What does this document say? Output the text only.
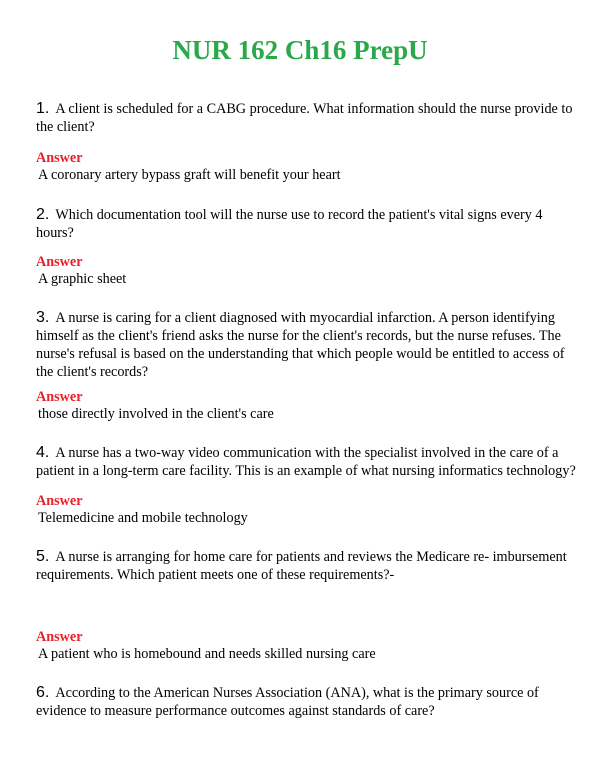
NUR 162 Ch16 PrepU

1. A client is scheduled for a CABG procedure. What information should the nurse provide to the client?

Answer

A coronary artery bypass graft will benefit your heart

2. Which documentation tool will the nurse use to record the patient's vital signs every 4 hours?

Answer

A graphic sheet

3. A nurse is caring for a client diagnosed with myocardial infarction. A person identifying himself as the client's friend asks the nurse for the client's records, but the nurse refuses. The nurse's refusal is based on the understanding that which people would be entitled to access of the client's records?

Answer

those directly involved in the client's care

4. A nurse has a two-way video communication with the specialist involved in the care of a patient in a long-term care facility. This is an example of what nursing informatics technology?

Answer

Telemedicine and mobile technology

5. A nurse is arranging for home care for patients and reviews the Medicare re- imbursement requirements. Which patient meets one of these requirements?-

Answer

A patient who is homebound and needs skilled nursing care

6. According to the American Nurses Association (ANA), what is the primary source of evidence to measure performance outcomes against standards of care?
